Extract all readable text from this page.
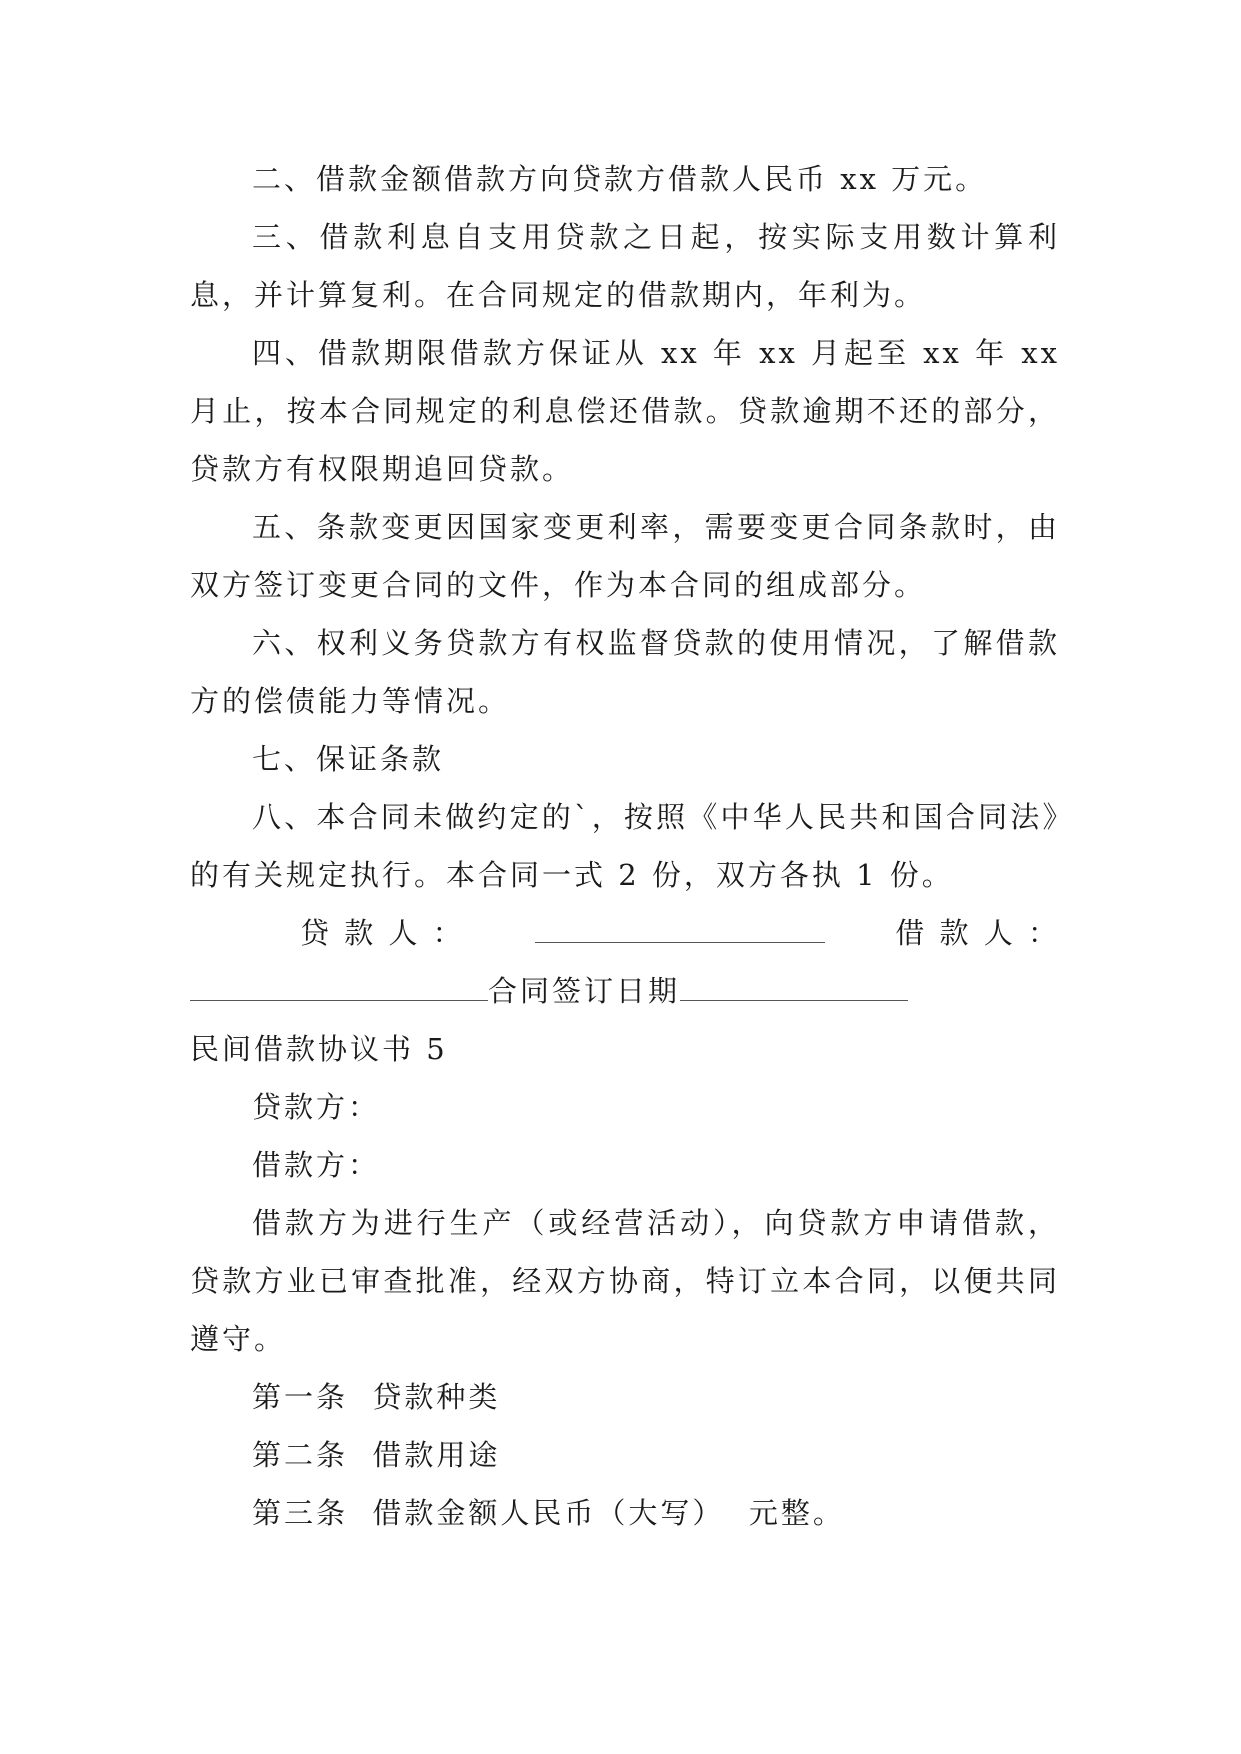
二、借款金额借款方向贷款方借款人民币 xx 万元。

三、借款利息自支用贷款之日起，按实际支用数计算利息，并计算复利。在合同规定的借款期内，年利为。

四、借款期限借款方保证从 xx 年 xx 月起至 xx 年 xx 月止，按本合同规定的利息偿还借款。贷款逾期不还的部分，贷款方有权限期追回贷款。

五、条款变更因国家变更利率，需要变更合同条款时，由双方签订变更合同的文件，作为本合同的组成部分。

六、权利义务贷款方有权监督贷款的使用情况，了解借款方的偿债能力等情况。

七、保证条款

八、本合同未做约定的`，按照《中华人民共和国合同法》的有关规定执行。本合同一式 2 份，双方各执 1 份。

贷 款 人 ：	借 款 人 ：
合同签订日期

民间借款协议书 5

贷款方：

借款方：

借款方为进行生产（或经营活动），向贷款方申请借款，贷款方业已审查批准，经双方协商，特订立本合同，以便共同遵守。

第一条  贷款种类

第二条  借款用途

第三条  借款金额人民币（大写）  元整。
